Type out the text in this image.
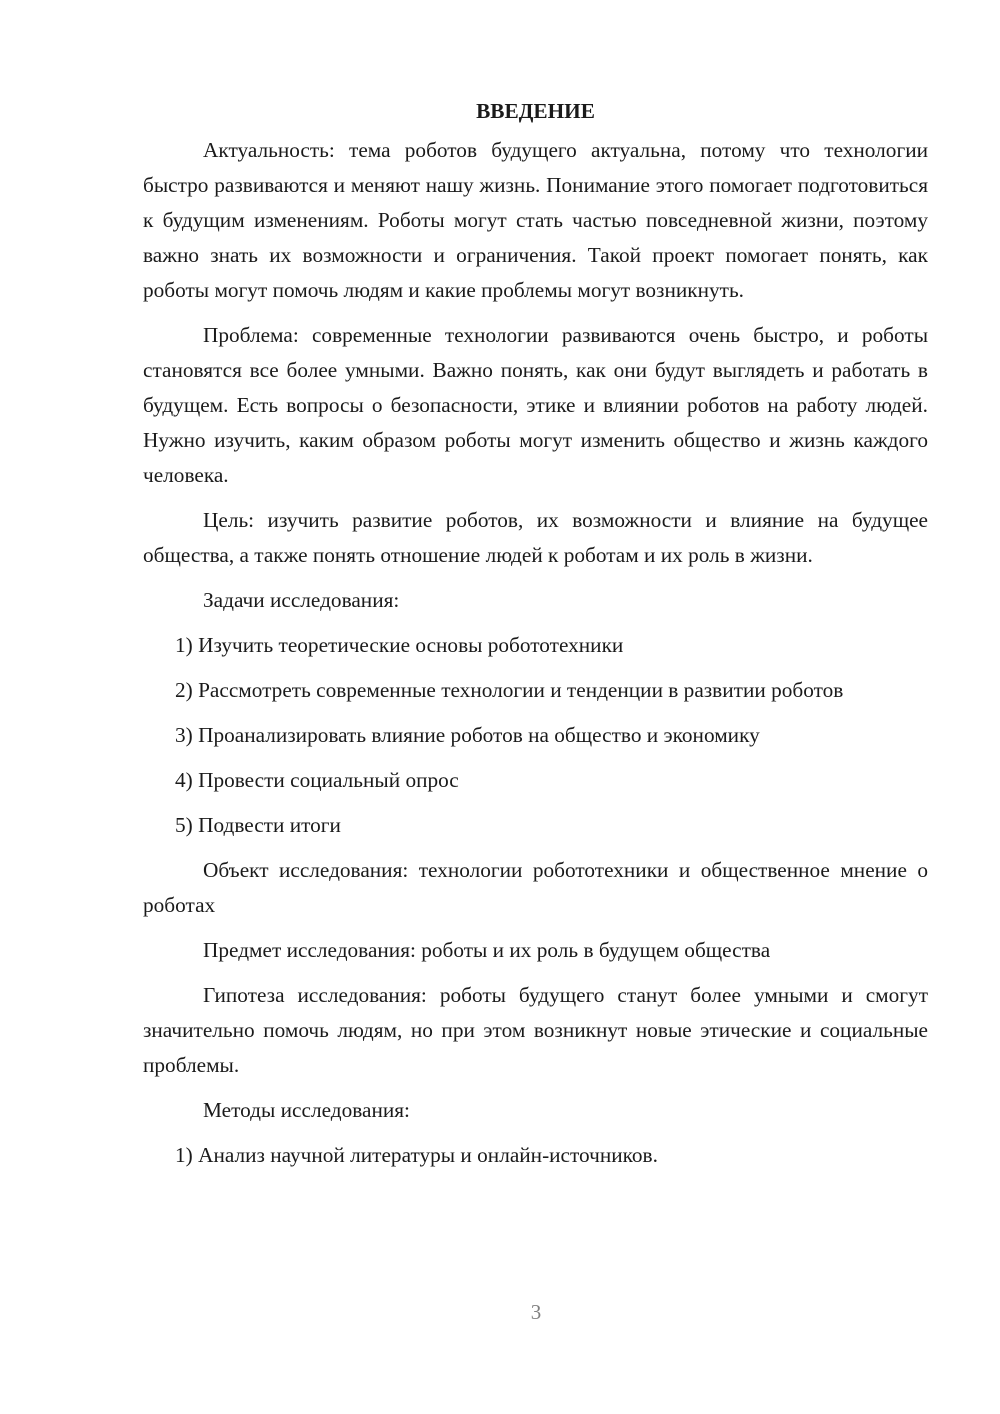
ВВЕДЕНИЕ

Актуальность: тема роботов будущего актуальна, потому что технологии быстро развиваются и меняют нашу жизнь. Понимание этого помогает подготовиться к будущим изменениям. Роботы могут стать частью повседневной жизни, поэтому важно знать их возможности и ограничения. Такой проект помогает понять, как роботы могут помочь людям и какие проблемы могут возникнуть.

Проблема: современные технологии развиваются очень быстро, и роботы становятся все более умными. Важно понять, как они будут выглядеть и работать в будущем. Есть вопросы о безопасности, этике и влиянии роботов на работу людей. Нужно изучить, каким образом роботы могут изменить общество и жизнь каждого человека.

Цель: изучить развитие роботов, их возможности и влияние на будущее общества, а также понять отношение людей к роботам и их роль в жизни.

Задачи исследования:

1) Изучить теоретические основы робототехники

2) Рассмотреть современные технологии и тенденции в развитии роботов

3) Проанализировать влияние роботов на общество и экономику

4) Провести социальный опрос

5) Подвести итоги

Объект исследования: технологии робототехники и общественное мнение о роботах

Предмет исследования: роботы и их роль в будущем общества

Гипотеза исследования: роботы будущего станут более умными и смогут значительно помочь людям, но при этом возникнут новые этические и социальные проблемы.

Методы исследования:

1) Анализ научной литературы и онлайн-источников.

3
